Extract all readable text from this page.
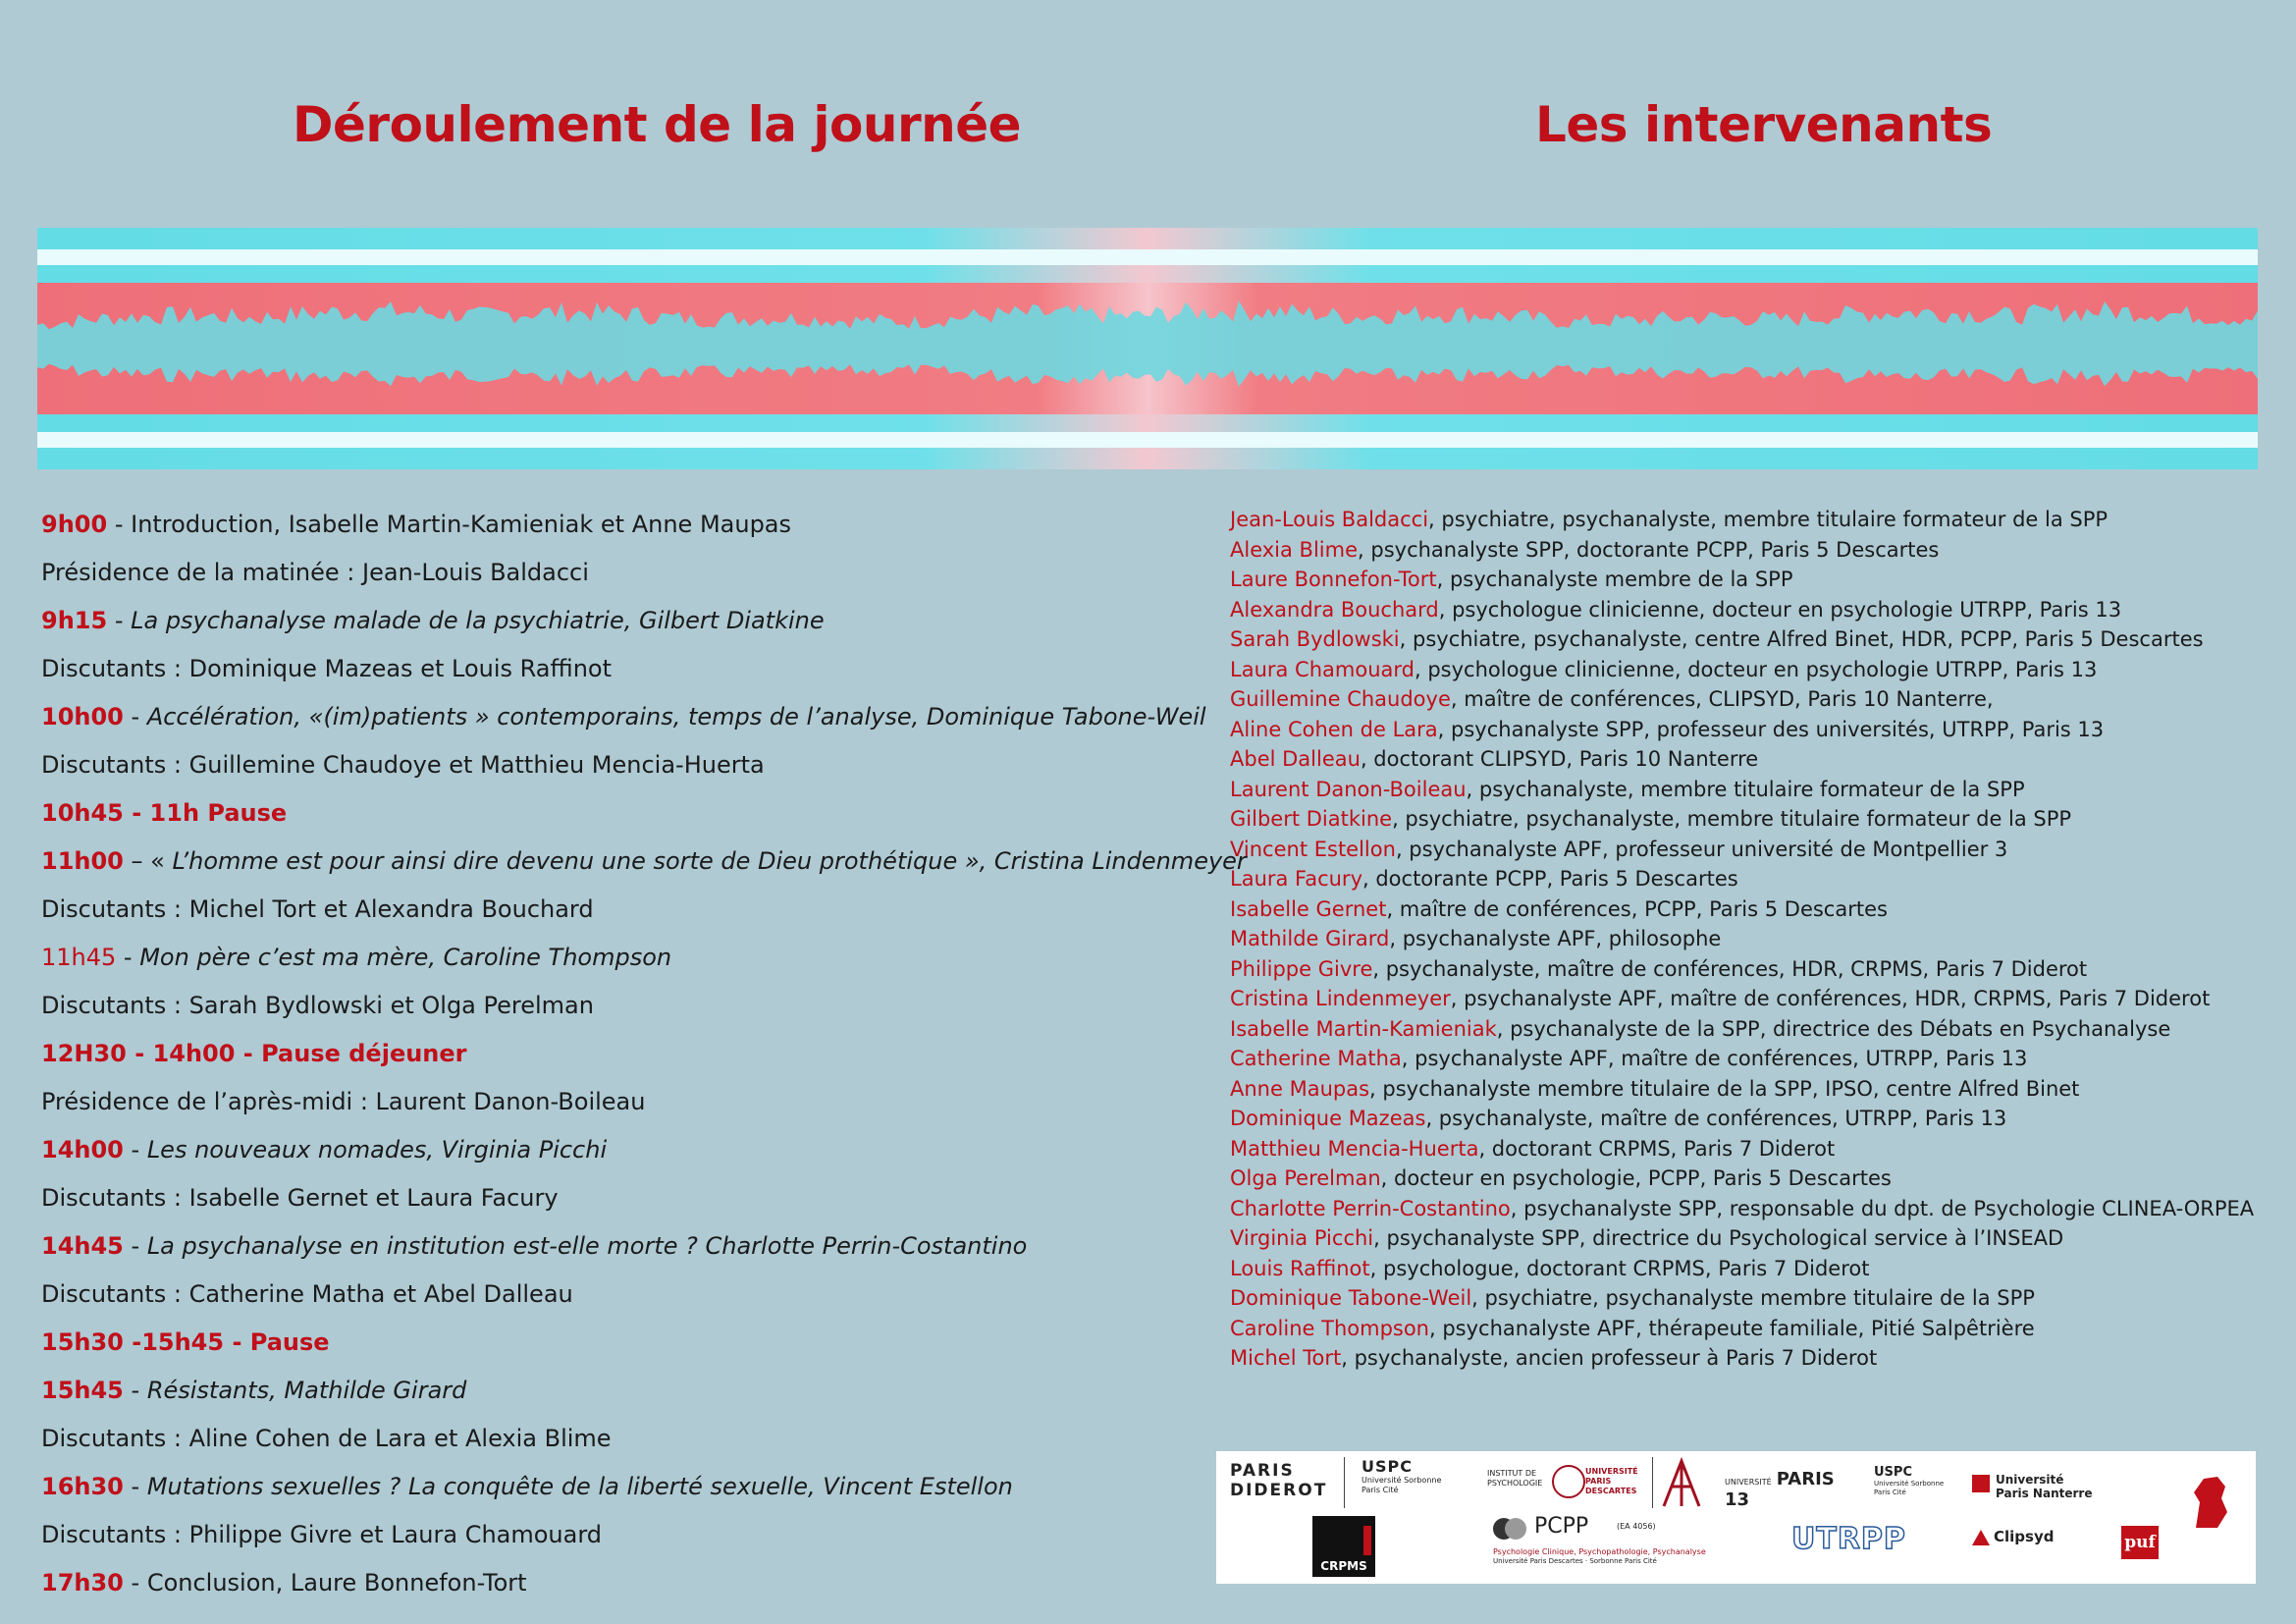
Déroulement de la journée	Les intervenants
9h00 - Introduction, Isabelle Martin-Kamieniak et Anne Maupas
Présidence de la matinée : Jean-Louis Baldacci
9h15 - La psychanalyse malade de la psychiatrie, Gilbert Diatkine
Discutants : Dominique Mazeas et Louis Raffinot
10h00 - Accélération, «(im)patients » contemporains, temps de l’analyse, Dominique Tabone-Weil
Discutants : Guillemine Chaudoye et Matthieu Mencia-Huerta
10h45 - 11h Pause
11h00 – « L’homme est pour ainsi dire devenu une sorte de Dieu prothétique », Cristina Lindenmeyer
Discutants : Michel Tort et Alexandra Bouchard
11h45 - Mon père c’est ma mère, Caroline Thompson
Discutants : Sarah Bydlowski et Olga Perelman
12H30 - 14h00 - Pause déjeuner
Présidence de l’après-midi : Laurent Danon-Boileau
14h00 - Les nouveaux nomades, Virginia Picchi
Discutants : Isabelle Gernet et Laura Facury
14h45 - La psychanalyse en institution est-elle morte ? Charlotte Perrin-Costantino
Discutants : Catherine Matha et Abel Dalleau
15h30 -15h45 - Pause
15h45 - Résistants, Mathilde Girard
Discutants : Aline Cohen de Lara et Alexia Blime
16h30 - Mutations sexuelles ? La conquête de la liberté sexuelle, Vincent Estellon
Discutants : Philippe Givre et Laura Chamouard
17h30 - Conclusion, Laure Bonnefon-Tort
Jean-Louis Baldacci, psychiatre, psychanalyste, membre titulaire formateur de la SPP
Alexia Blime, psychanalyste SPP, doctorante PCPP, Paris 5 Descartes
Laure Bonnefon-Tort, psychanalyste membre de la SPP
Alexandra Bouchard, psychologue clinicienne, docteur en psychologie UTRPP, Paris 13
Sarah Bydlowski, psychiatre, psychanalyste, centre Alfred Binet, HDR, PCPP, Paris 5 Descartes
Laura Chamouard, psychologue clinicienne, docteur en psychologie UTRPP, Paris 13
Guillemine Chaudoye, maître de conférences, CLIPSYD, Paris 10 Nanterre,
Aline Cohen de Lara, psychanalyste SPP, professeur des universités, UTRPP, Paris 13
Abel Dalleau, doctorant CLIPSYD, Paris 10 Nanterre
Laurent Danon-Boileau, psychanalyste, membre titulaire formateur de la SPP
Gilbert Diatkine, psychiatre, psychanalyste, membre titulaire formateur de la SPP
Vincent Estellon, psychanalyste APF, professeur université de Montpellier 3
Laura Facury, doctorante PCPP, Paris 5 Descartes
Isabelle Gernet, maître de conférences, PCPP, Paris 5 Descartes
Mathilde Girard, psychanalyste APF, philosophe
Philippe Givre, psychanalyste, maître de conférences, HDR, CRPMS, Paris 7 Diderot
Cristina Lindenmeyer, psychanalyste APF, maître de conférences, HDR, CRPMS, Paris 7 Diderot
Isabelle Martin-Kamieniak, psychanalyste de la SPP, directrice des Débats en Psychanalyse
Catherine Matha, psychanalyste APF, maître de conférences, UTRPP, Paris 13
Anne Maupas, psychanalyste membre titulaire de la SPP, IPSO, centre Alfred Binet
Dominique Mazeas, psychanalyste, maître de conférences, UTRPP, Paris 13
Matthieu Mencia-Huerta, doctorant CRPMS, Paris 7 Diderot
Olga Perelman, docteur en psychologie, PCPP, Paris 5 Descartes
Charlotte Perrin-Costantino, psychanalyste SPP, responsable du dpt. de Psychologie CLINEA-ORPEA
Virginia Picchi, psychanalyste SPP, directrice du Psychological service à l’INSEAD
Louis Raffinot, psychologue, doctorant CRPMS, Paris 7 Diderot
Dominique Tabone-Weil, psychiatre, psychanalyste membre titulaire de la SPP
Caroline Thompson, psychanalyste APF, thérapeute familiale, Pitié Salpêtrière
Michel Tort, psychanalyste, ancien professeur à Paris 7 Diderot
PARIS
DIDEROT
USPC
Université Sorbonne Paris Cité
INSTITUT DE PSYCHOLOGIE
UNIVERSITÉ PARIS DESCARTES
UNIVERSITÉ PARIS 13
USPC
Université Sorbonne Paris Cité
Université
Paris Nanterre
CRPMS
PCPP	(EA 4056)
Psychologie Clinique, Psychopathologie, Psychanalyse
Université Paris Descartes · Sorbonne Paris Cité
UTRPP	Clipsyd	puf
